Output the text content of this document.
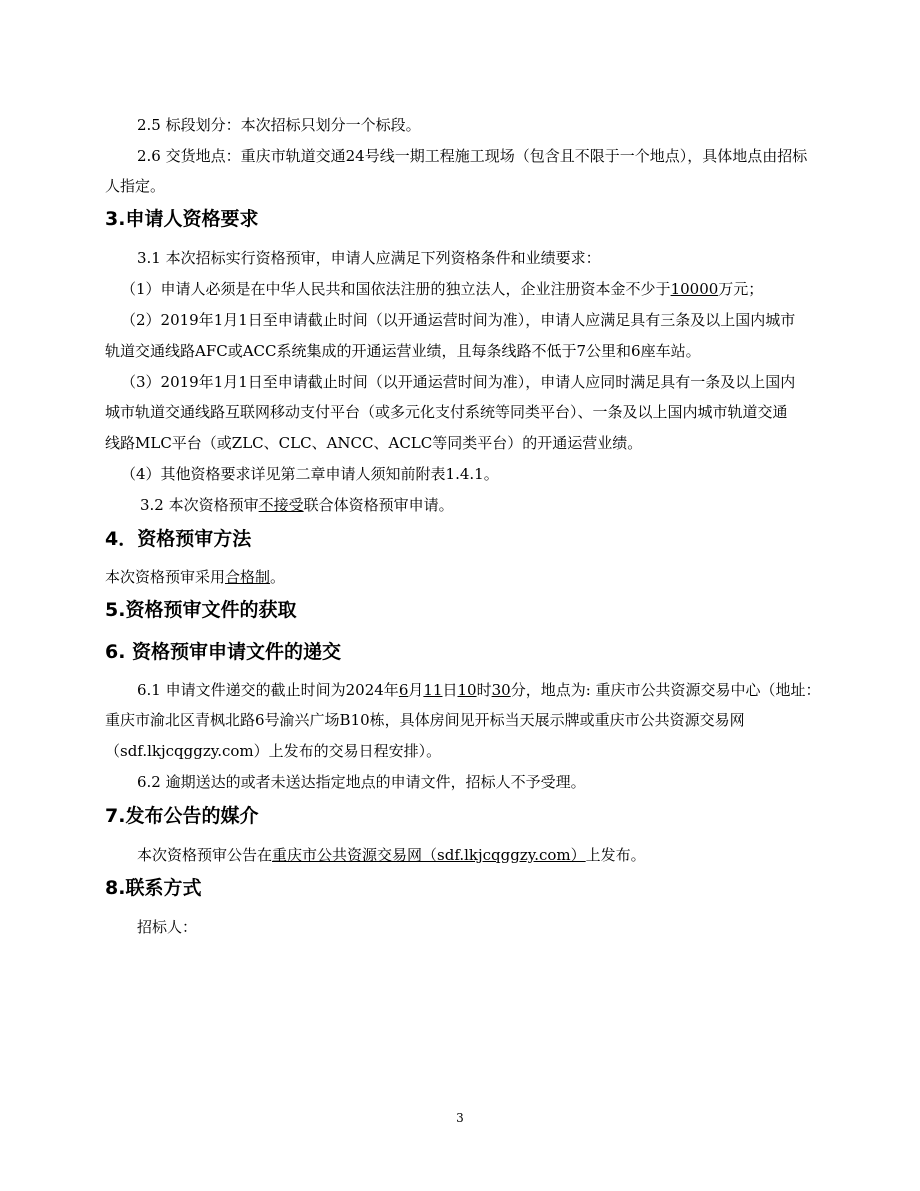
2.5 标段划分：本次招标只划分一个标段。
2.6 交货地点：重庆市轨道交通24号线一期工程施工现场（包含且不限于一个地点），具体地点由招标
人指定。
3.申请人资格要求
3.1 本次招标实行资格预审，申请人应满足下列资格条件和业绩要求：
（1）申请人必须是在中华人民共和国依法注册的独立法人，企业注册资本金不少于10000万元；
（2）2019年1月1日至申请截止时间（以开通运营时间为准），申请人应满足具有三条及以上国内城市
轨道交通线路AFC或ACC系统集成的开通运营业绩，且每条线路不低于7公里和6座车站。
（3）2019年1月1日至申请截止时间（以开通运营时间为准），申请人应同时满足具有一条及以上国内
城市轨道交通线路互联网移动支付平台（或多元化支付系统等同类平台）、一条及以上国内城市轨道交通
线路MLC平台（或ZLC、CLC、ANCC、ACLC等同类平台）的开通运营业绩。
（4）其他资格要求详见第二章申请人须知前附表1.4.1。
3.2 本次资格预审不接受联合体资格预审申请。
4．资格预审方法
本次资格预审采用合格制。
5.资格预审文件的获取
6. 资格预审申请文件的递交
6.1 申请文件递交的截止时间为2024年6月11日10时30分，地点为: 重庆市公共资源交易中心（地址：
重庆市渝北区青枫北路6号渝兴广场B10栋，具体房间见开标当天展示牌或重庆市公共资源交易网
（sdf.lkjcqggzy.com）上发布的交易日程安排）。
6.2 逾期送达的或者未送达指定地点的申请文件，招标人不予受理。
7.发布公告的媒介
本次资格预审公告在重庆市公共资源交易网（sdf.lkjcqggzy.com）上发布。
8.联系方式
招标人：
3
